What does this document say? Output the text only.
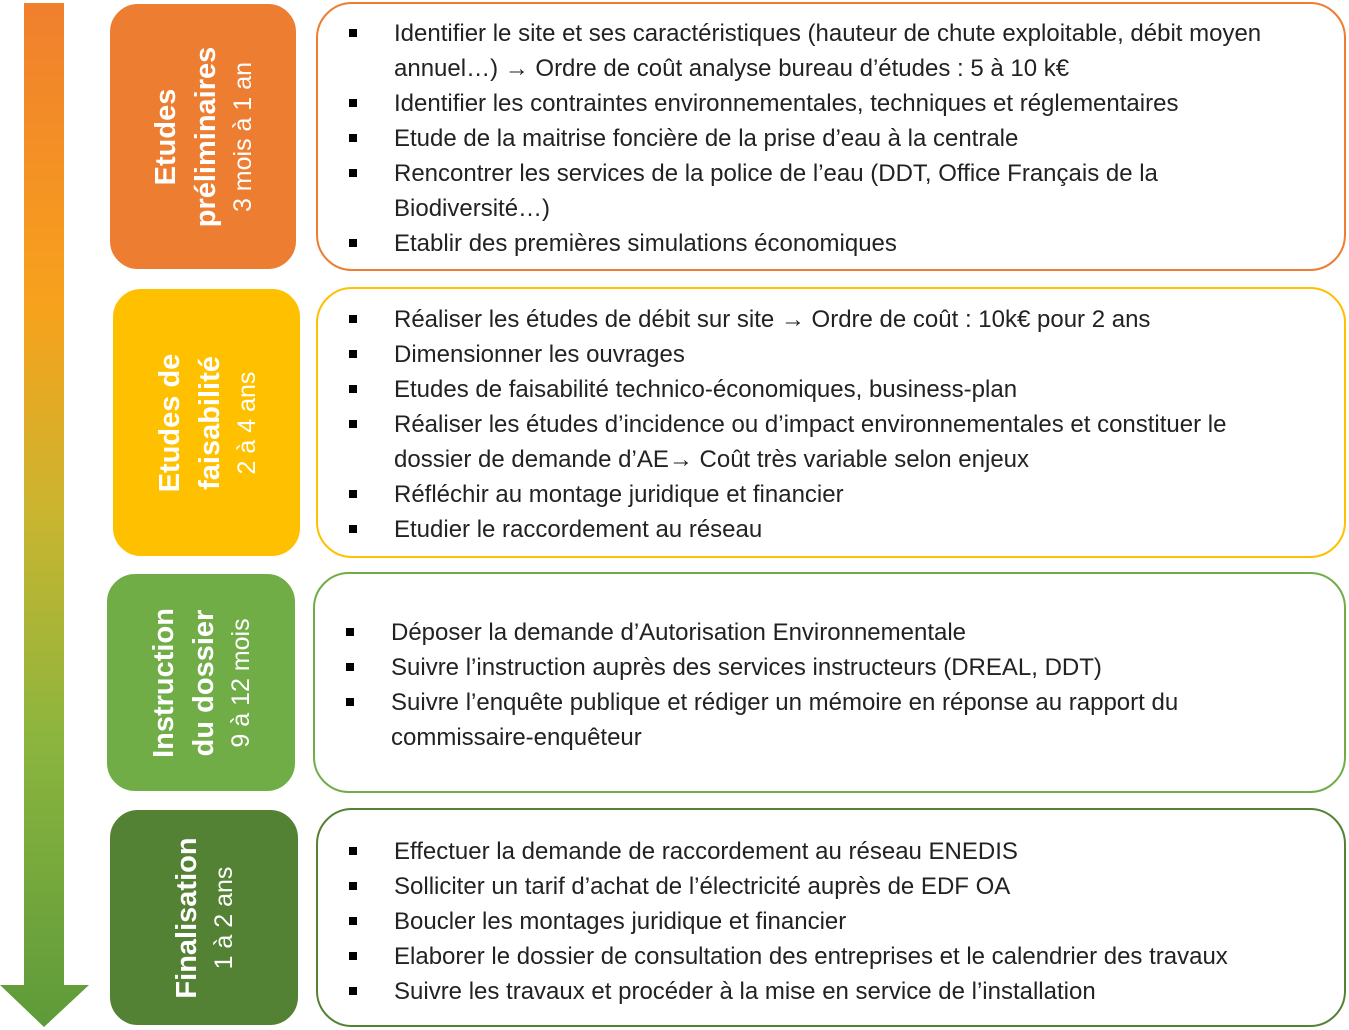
Etudes préliminaires 3 mois à 1 an
Identifier le site et ses caractéristiques (hauteur de chute exploitable, débit moyen annuel…) → Ordre de coût analyse bureau d’études : 5 à 10 k€
Identifier les contraintes environnementales, techniques et réglementaires
Etude de la maitrise foncière de la prise d’eau à la centrale
Rencontrer les services de la police de l’eau (DDT, Office Français de la Biodiversité…)
Etablir des premières simulations économiques
Etudes de faisabilité 2 à 4 ans
Réaliser les études de débit sur site → Ordre de coût : 10k€ pour 2 ans
Dimensionner les ouvrages
Etudes de faisabilité technico-économiques, business-plan
Réaliser les études d’incidence ou d’impact environnementales et constituer le dossier de demande d’AE→ Coût très variable selon enjeux
Réfléchir au montage juridique et financier
Etudier le raccordement au réseau
Instruction du dossier 9 à 12 mois	Déposer la demande d’Autorisation Environnementale
Suivre l’instruction auprès des services instructeurs (DREAL, DDT)
Suivre l’enquête publique et rédiger un mémoire en réponse au rapport du commissaire-enquêteur
Finalisation 1 à 2 ans
Effectuer la demande de raccordement au réseau ENEDIS
Solliciter un tarif d’achat de l’électricité auprès de EDF OA
Boucler les montages juridique et financier
Elaborer le dossier de consultation des entreprises et le calendrier des travaux
Suivre les travaux et procéder à la mise en service de l’installation
